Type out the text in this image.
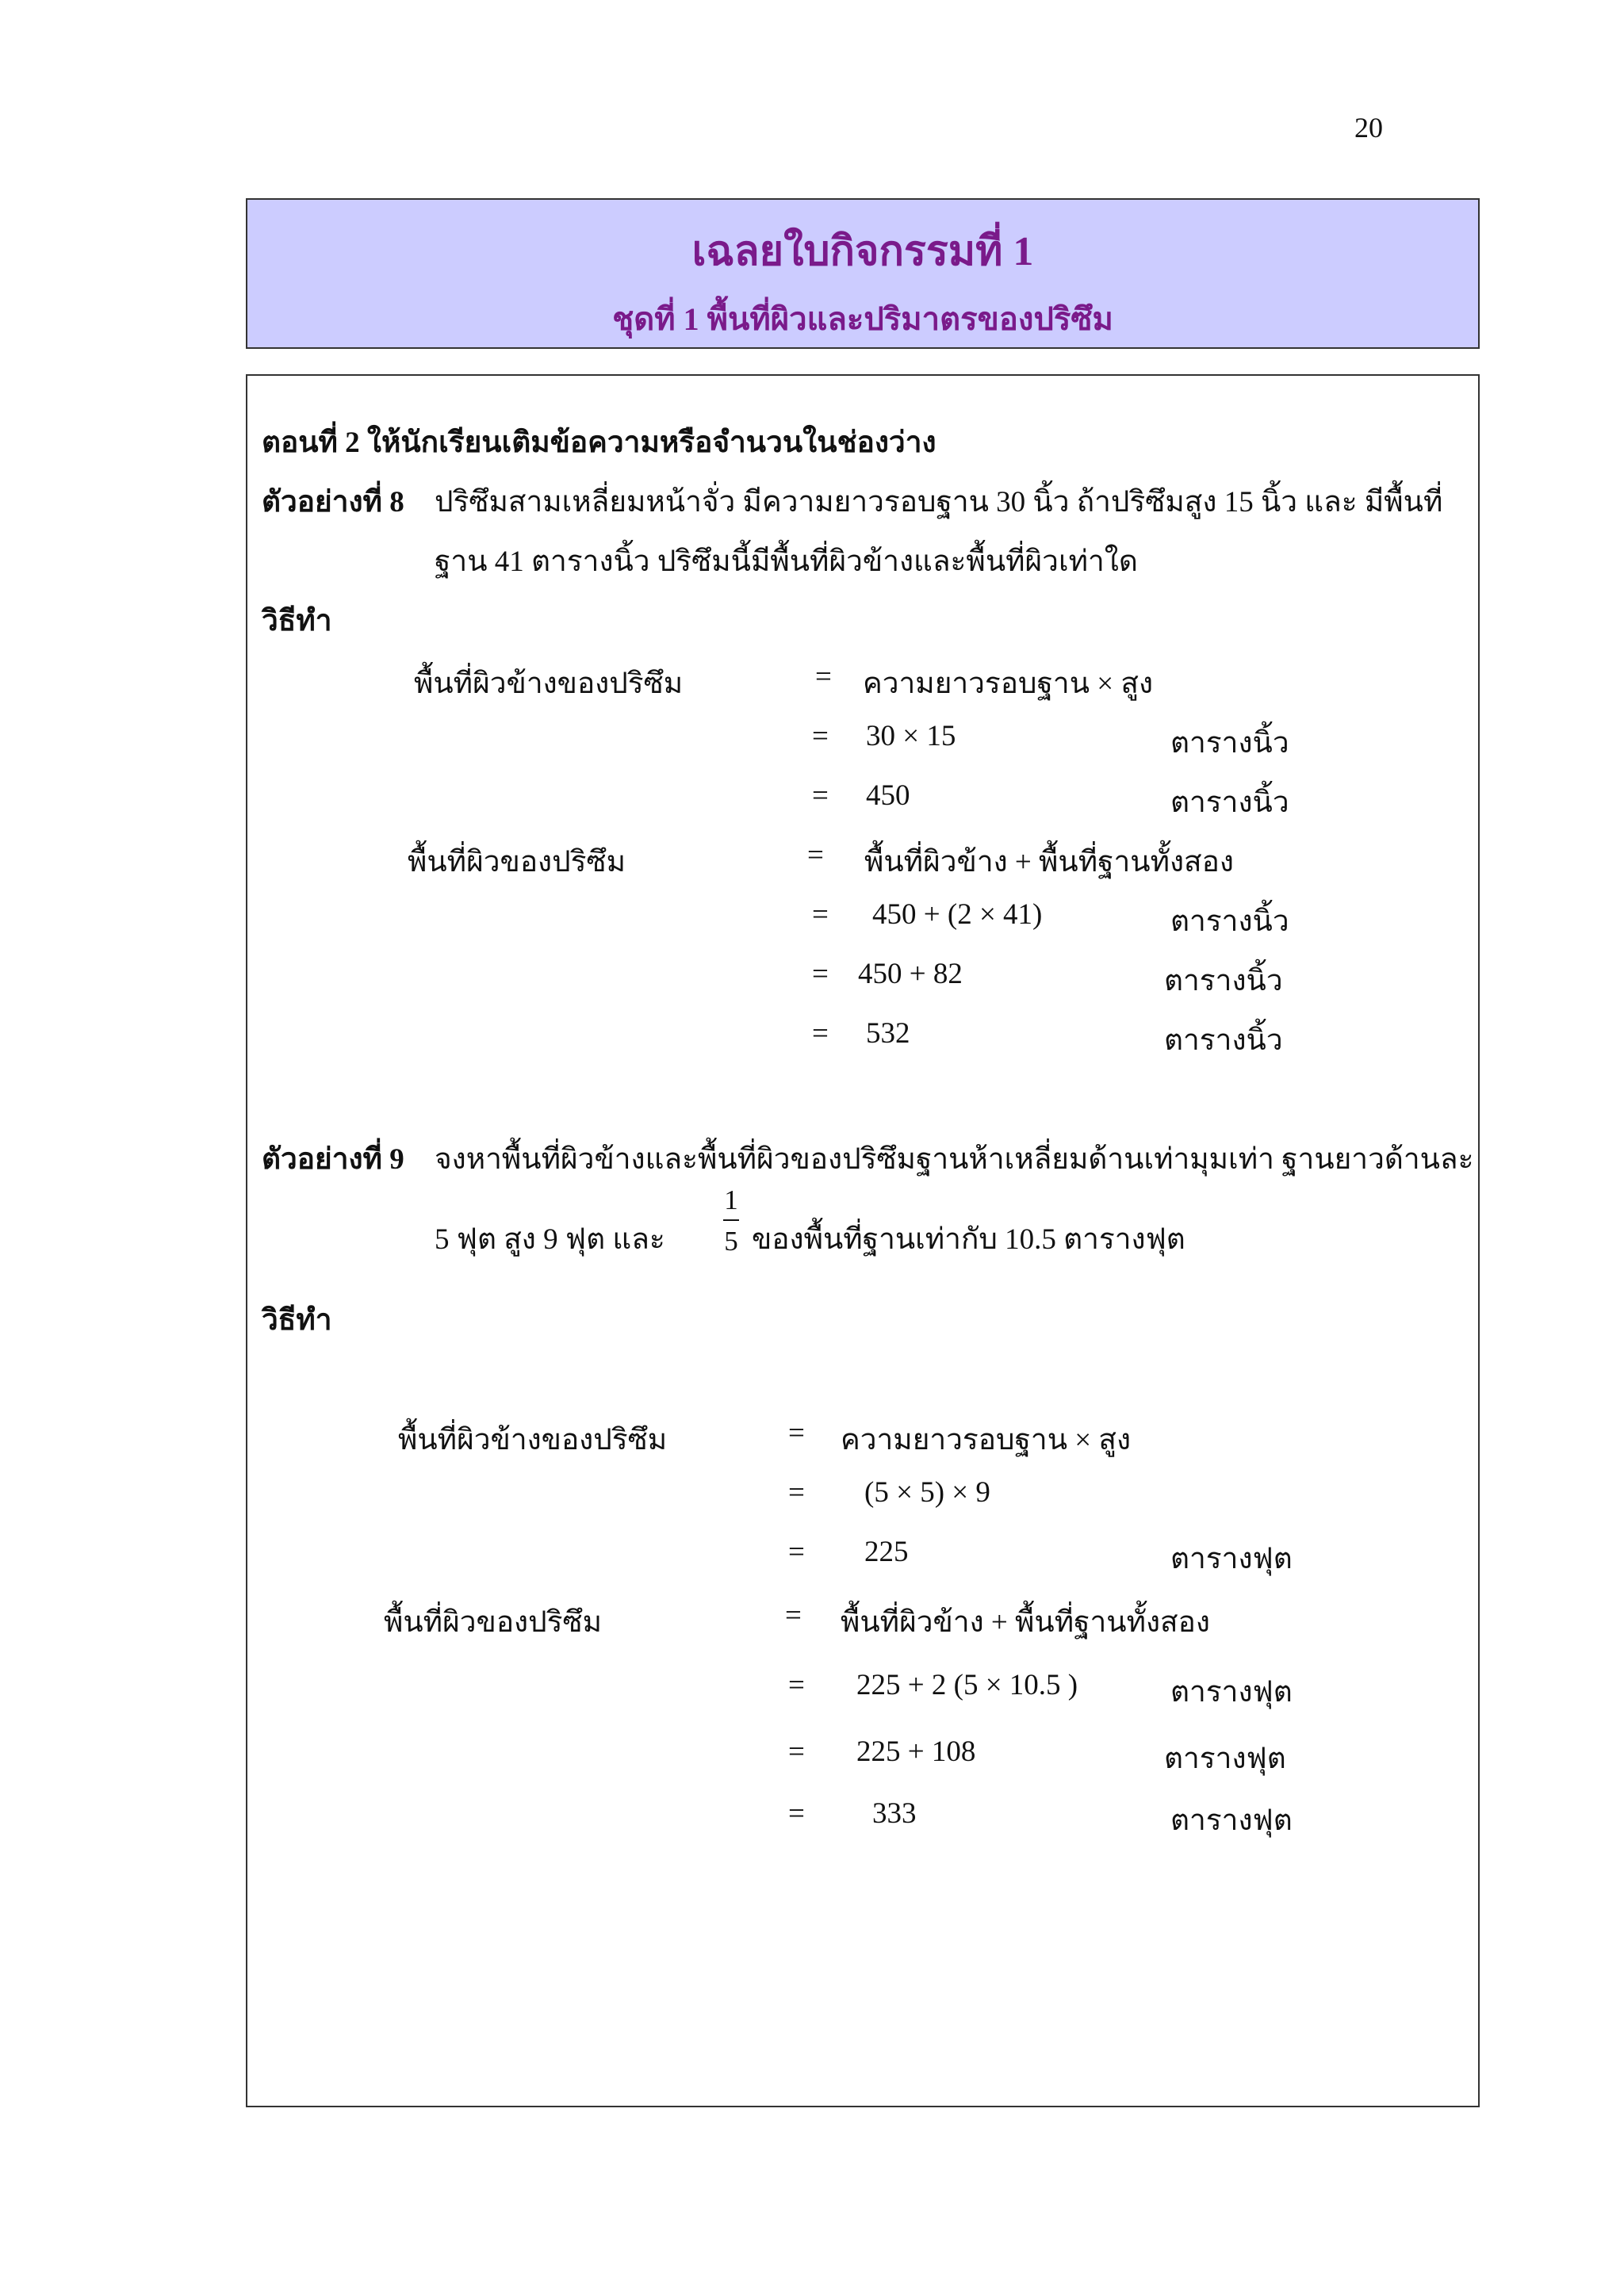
20
เฉลยใบกิจกรรมที่ 1
ชุดที่ 1 พื้นที่ผิวและปริมาตรของปริซึม
ตอนที่ 2 ให้นักเรียนเติมข้อความหรือจำนวนในช่องว่าง
ตัวอย่างที่ 8 ปริซึมสามเหลี่ยมหน้าจั่ว มีความยาวรอบฐาน 30 นิ้ว ถ้าปริซึมสูง 15 นิ้ว และ มีพื้นที่
ฐาน 41 ตารางนิ้ว ปริซึมนี้มีพื้นที่ผิวข้างและพื้นที่ผิวเท่าใด
วิธีทำ
พื้นที่ผิวข้างของปริซึม	= ความยาวรอบฐาน × สูง
= 30 × 15	ตารางนิ้ว
= 450	ตารางนิ้ว
พื้นที่ผิวของปริซึม	= พื้นที่ผิวข้าง + พื้นที่ฐานทั้งสอง
= 450 + (2 × 41)	ตารางนิ้ว
= 450 + 82	ตารางนิ้ว
= 532	ตารางนิ้ว
ตัวอย่างที่ 9 จงหาพื้นที่ผิวข้างและพื้นที่ผิวของปริซึมฐานห้าเหลี่ยมด้านเท่ามุมเท่า ฐานยาวด้านละ
5 ฟุต สูง 9 ฟุต และ
1
5 ของพื้นที่ฐานเท่ากับ 10.5 ตารางฟุต
วิธีทำ
พื้นที่ผิวข้างของปริซึม	= ความยาวรอบฐาน × สูง
= (5 × 5) × 9
= 225	ตารางฟุต
พื้นที่ผิวของปริซึม	= พื้นที่ผิวข้าง + พื้นที่ฐานทั้งสอง
= 225 + 2 (5 × 10.5 )	ตารางฟุต
= 225 + 108	ตารางฟุต
= 333	ตารางฟุต
